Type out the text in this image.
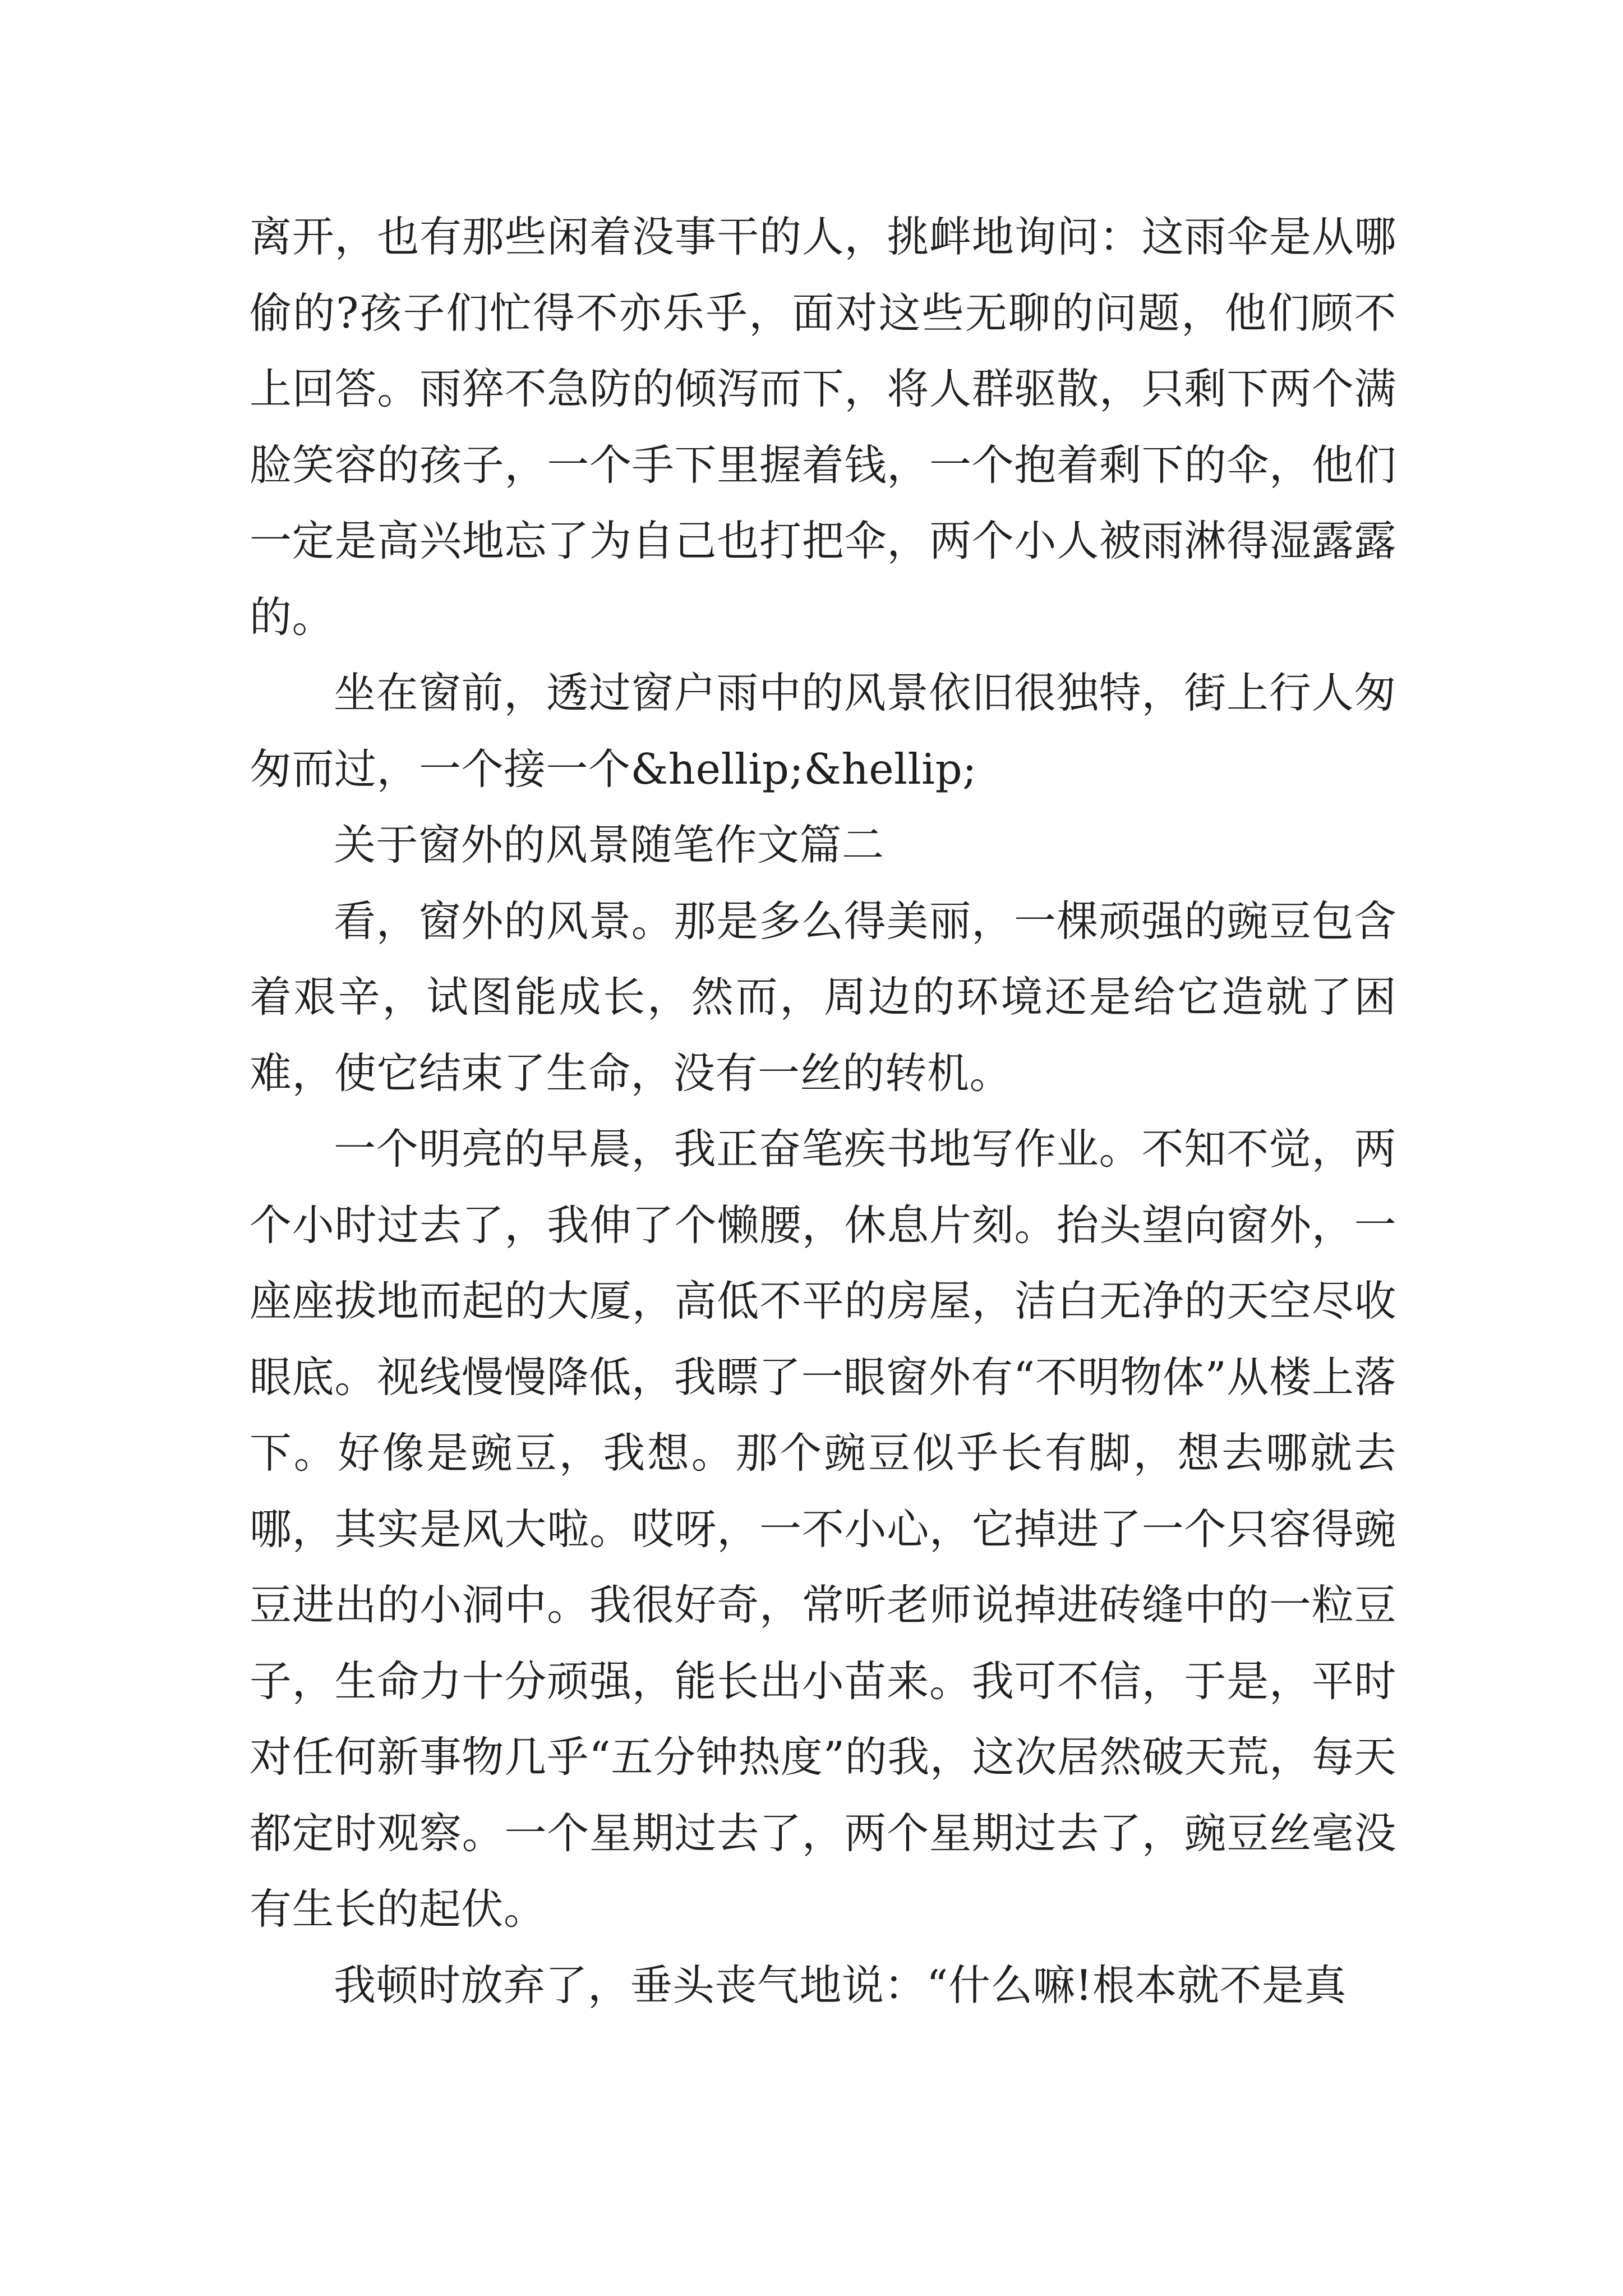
离开，也有那些闲着没事干的人，挑衅地询问：这雨伞是从哪偷的?孩子们忙得不亦乐乎，面对这些无聊的问题，他们顾不上回答。雨猝不急防的倾泻而下，将人群驱散，只剩下两个满脸笑容的孩子，一个手下里握着钱，一个抱着剩下的伞，他们一定是高兴地忘了为自己也打把伞，两个小人被雨淋得湿露露的。

坐在窗前，透过窗户雨中的风景依旧很独特，街上行人匆匆而过，一个接一个&hellip;&hellip;

关于窗外的风景随笔作文篇二

看，窗外的风景。那是多么得美丽，一棵顽强的豌豆包含着艰辛，试图能成长，然而，周边的环境还是给它造就了困难，使它结束了生命，没有一丝的转机。

一个明亮的早晨，我正奋笔疾书地写作业。不知不觉，两个小时过去了，我伸了个懒腰，休息片刻。抬头望向窗外，一座座拔地而起的大厦，高低不平的房屋，洁白无净的天空尽收眼底。视线慢慢降低，我瞟了一眼窗外有“不明物体”从楼上落下。好像是豌豆，我想。那个豌豆似乎长有脚，想去哪就去哪，其实是风大啦。哎呀，一不小心，它掉进了一个只容得豌豆进出的小洞中。我很好奇，常听老师说掉进砖缝中的一粒豆子，生命力十分顽强，能长出小苗来。我可不信，于是，平时对任何新事物几乎“五分钟热度”的我，这次居然破天荒，每天都定时观察。一个星期过去了，两个星期过去了，豌豆丝毫没有生长的起伏。

我顿时放弃了，垂头丧气地说：“什么嘛!根本就不是真
